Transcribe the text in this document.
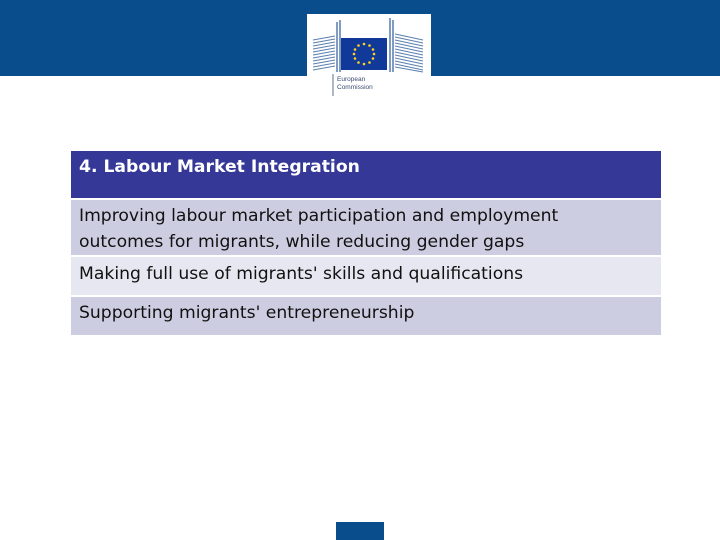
European
Commission
4. Labour Market Integration
Improving labour market participation and employment
outcomes for migrants, while reducing gender gaps
Making full use of migrants' skills and qualifications
Supporting migrants' entrepreneurship
